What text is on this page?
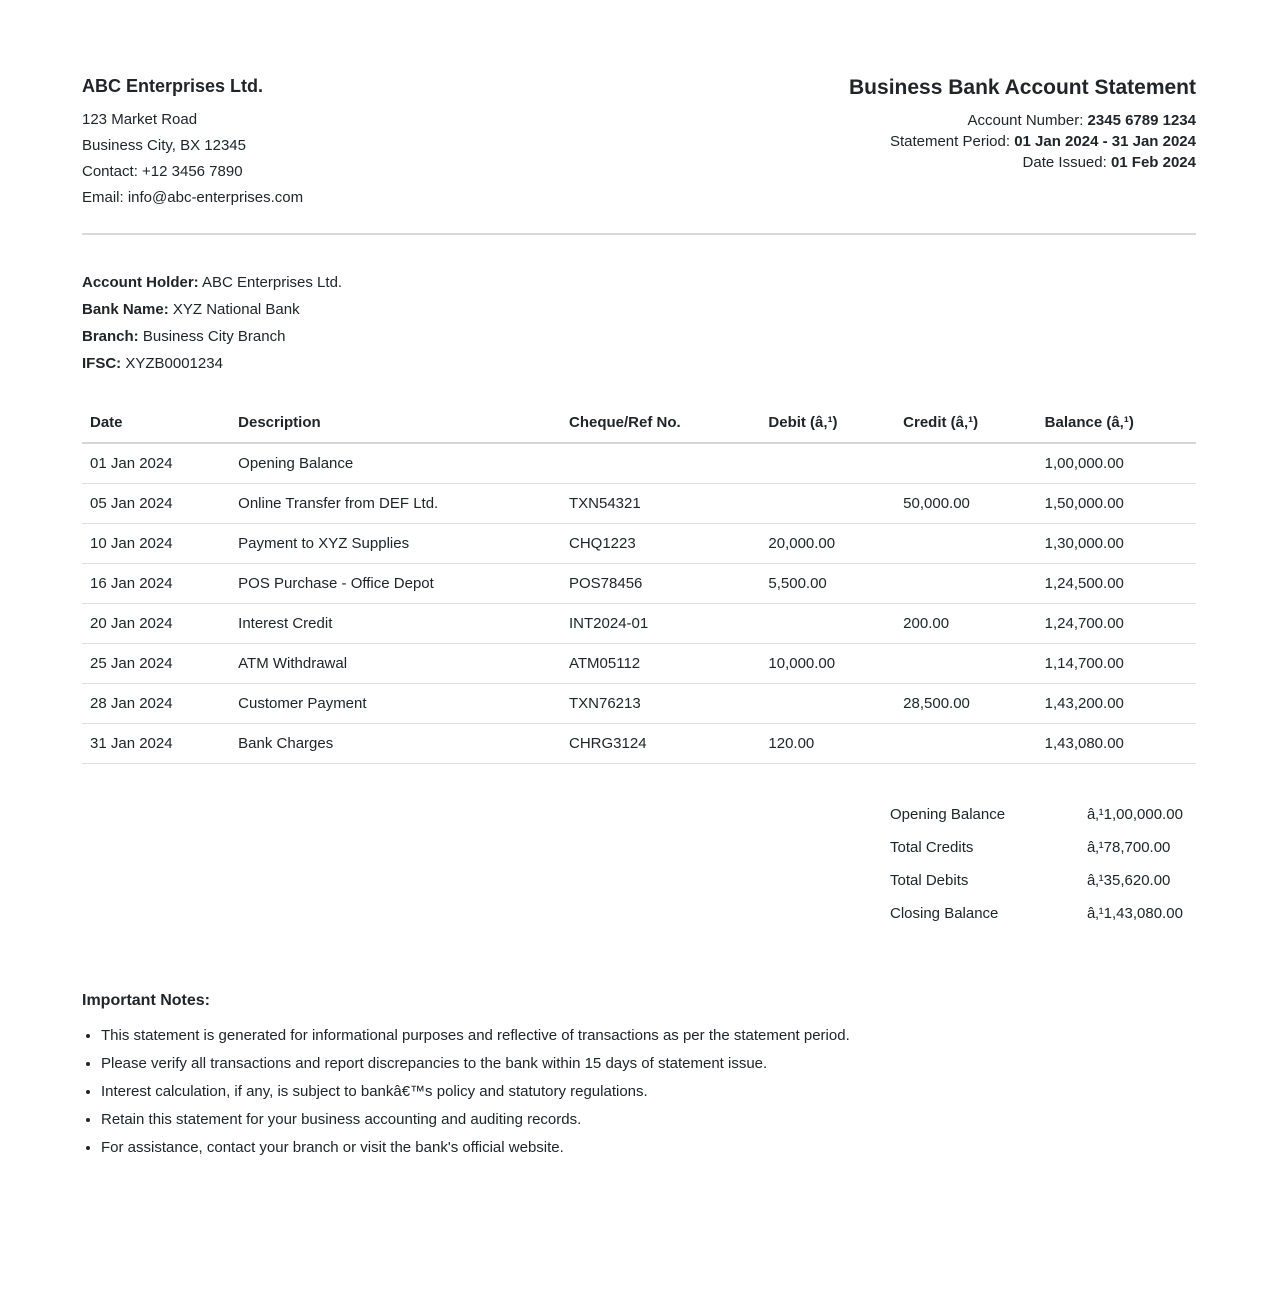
ABC Enterprises Ltd.

123 Market Road

Business City, BX 12345

Contact: +12 3456 7890

Email: info@abc-enterprises.com

Business Bank Account Statement

Account Number: 2345 6789 1234

Statement Period: 01 Jan 2024 - 31 Jan 2024

Date Issued: 01 Feb 2024

Account Holder: ABC Enterprises Ltd.

Bank Name: XYZ National Bank

Branch: Business City Branch

IFSC: XYZB0001234

Date	Description	Cheque/Ref No.	Debit (â‚¹)	Credit (â‚¹)	Balance (â‚¹)
01 Jan 2024	Opening Balance				1,00,000.00
05 Jan 2024	Online Transfer from DEF Ltd.	TXN54321		50,000.00	1,50,000.00
10 Jan 2024	Payment to XYZ Supplies	CHQ1223	20,000.00		1,30,000.00
16 Jan 2024	POS Purchase - Office Depot	POS78456	5,500.00		1,24,500.00
20 Jan 2024	Interest Credit	INT2024-01		200.00	1,24,700.00
25 Jan 2024	ATM Withdrawal	ATM05112	10,000.00		1,14,700.00
28 Jan 2024	Customer Payment	TXN76213		28,500.00	1,43,200.00
31 Jan 2024	Bank Charges	CHRG3124	120.00		1,43,080.00
Opening Balance	â‚¹1,00,000.00
Total Credits	â‚¹78,700.00
Total Debits	â‚¹35,620.00
Closing Balance	â‚¹1,43,080.00
Important Notes:
• This statement is generated for informational purposes and reflective of transactions as per the statement period.
• Please verify all transactions and report discrepancies to the bank within 15 days of statement issue.
• Interest calculation, if any, is subject to bankâ€™s policy and statutory regulations.
• Retain this statement for your business accounting and auditing records.
• For assistance, contact your branch or visit the bank's official website.
